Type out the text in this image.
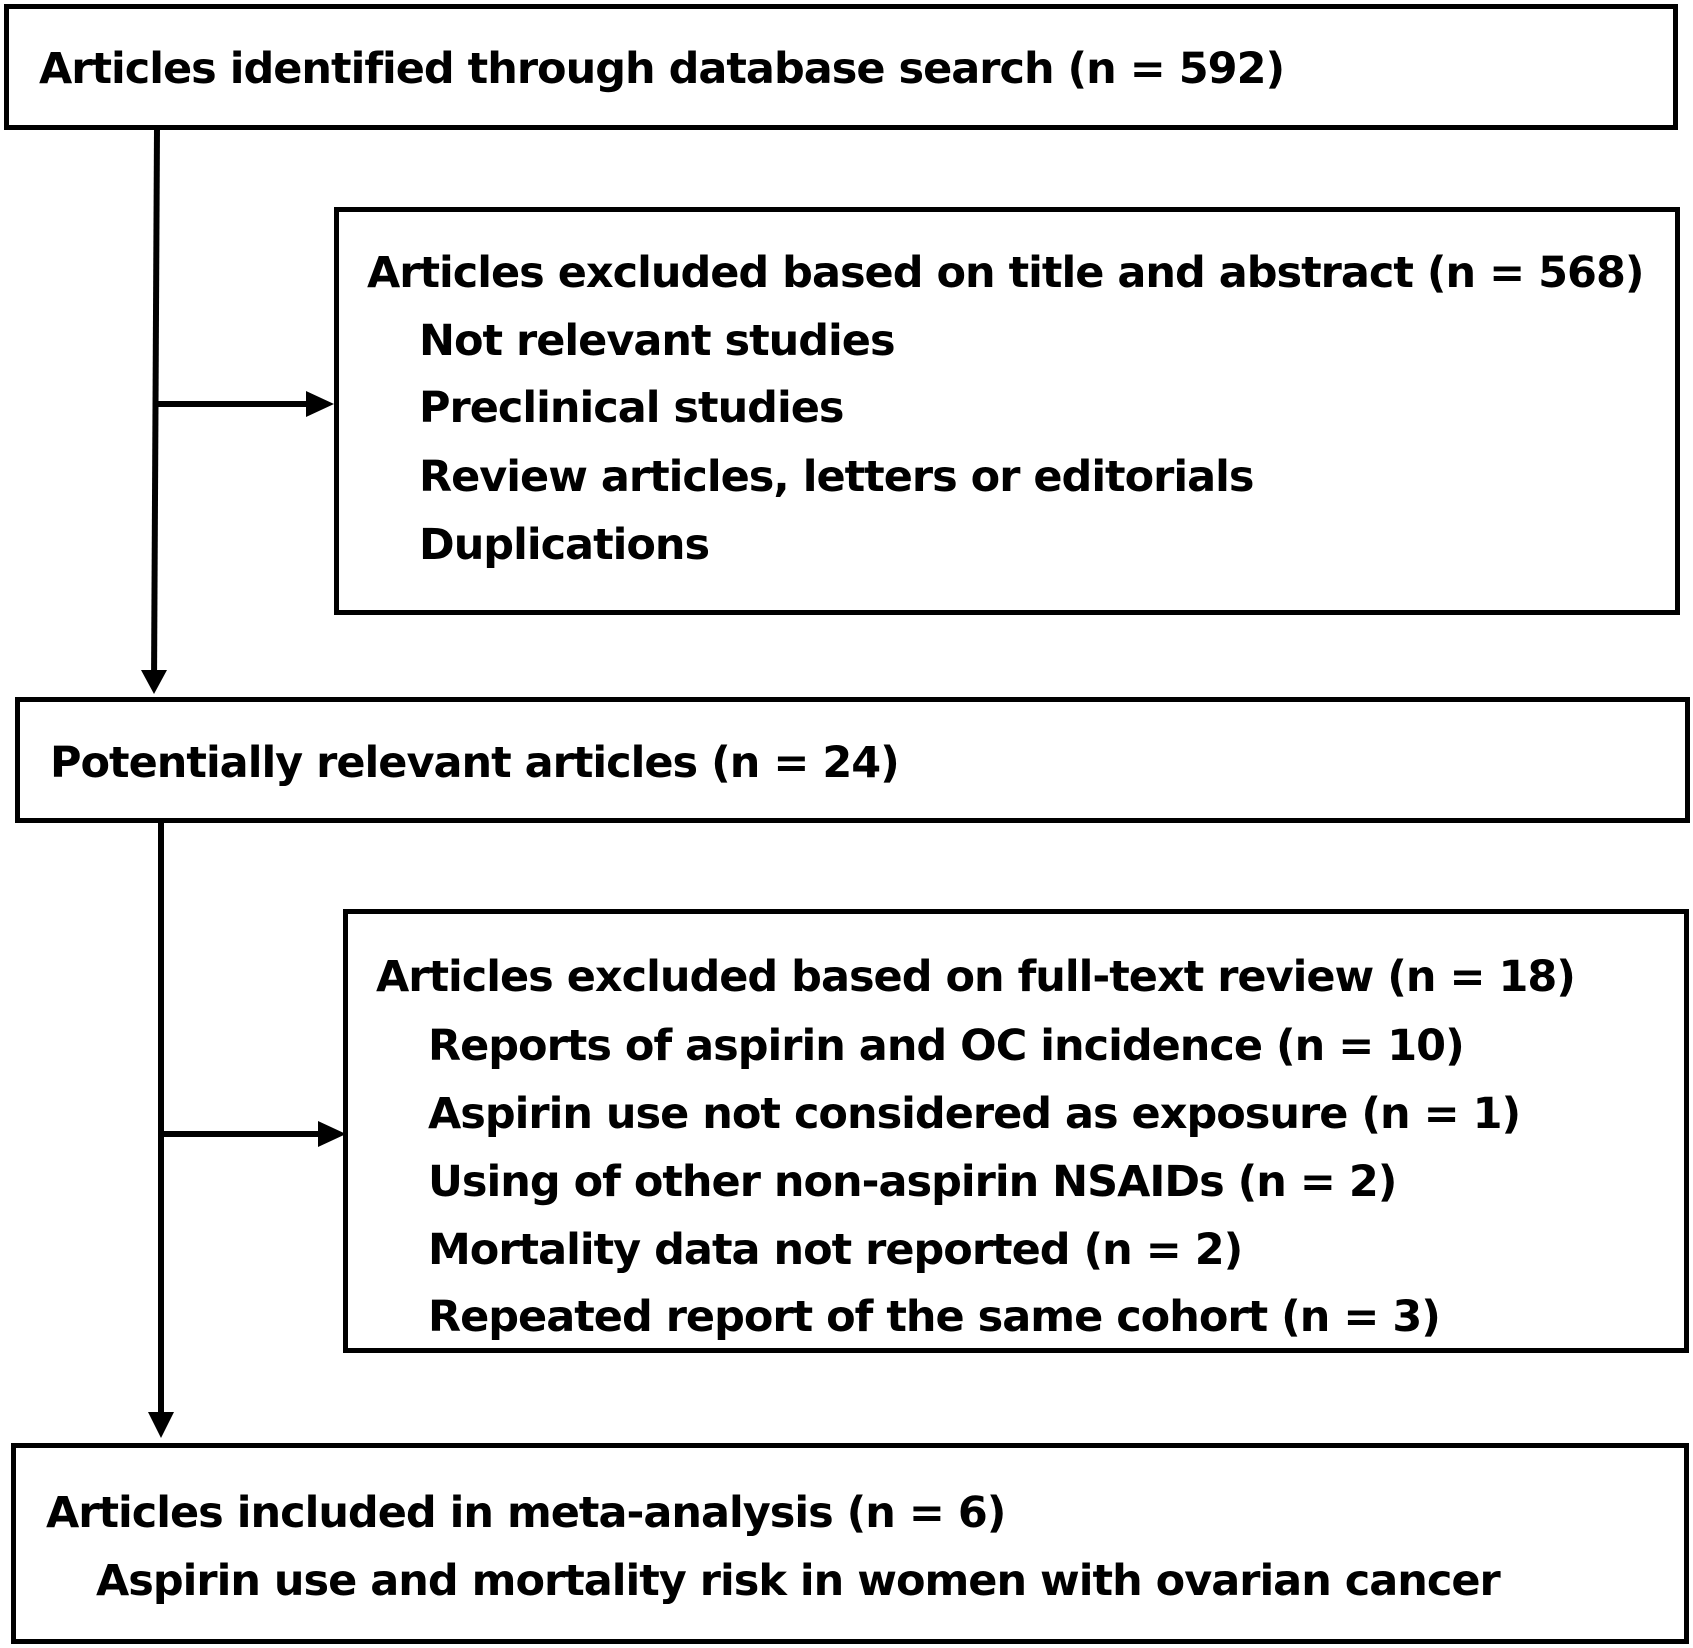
Articles identified through database search (n = 592)
Articles excluded based on title and abstract (n = 568)
Not relevant studies
Preclinical studies
Review articles, letters or editorials
Duplications
Potentially relevant articles (n = 24)
Articles excluded based on full-text review (n = 18)
Reports of aspirin and OC incidence (n = 10)
Aspirin use not considered as exposure (n = 1)
Using of other non-aspirin NSAIDs (n = 2)
Mortality data not reported (n = 2)
Repeated report of the same cohort (n = 3)
Articles included in meta-analysis (n = 6)
Aspirin use and mortality risk in women with ovarian cancer
